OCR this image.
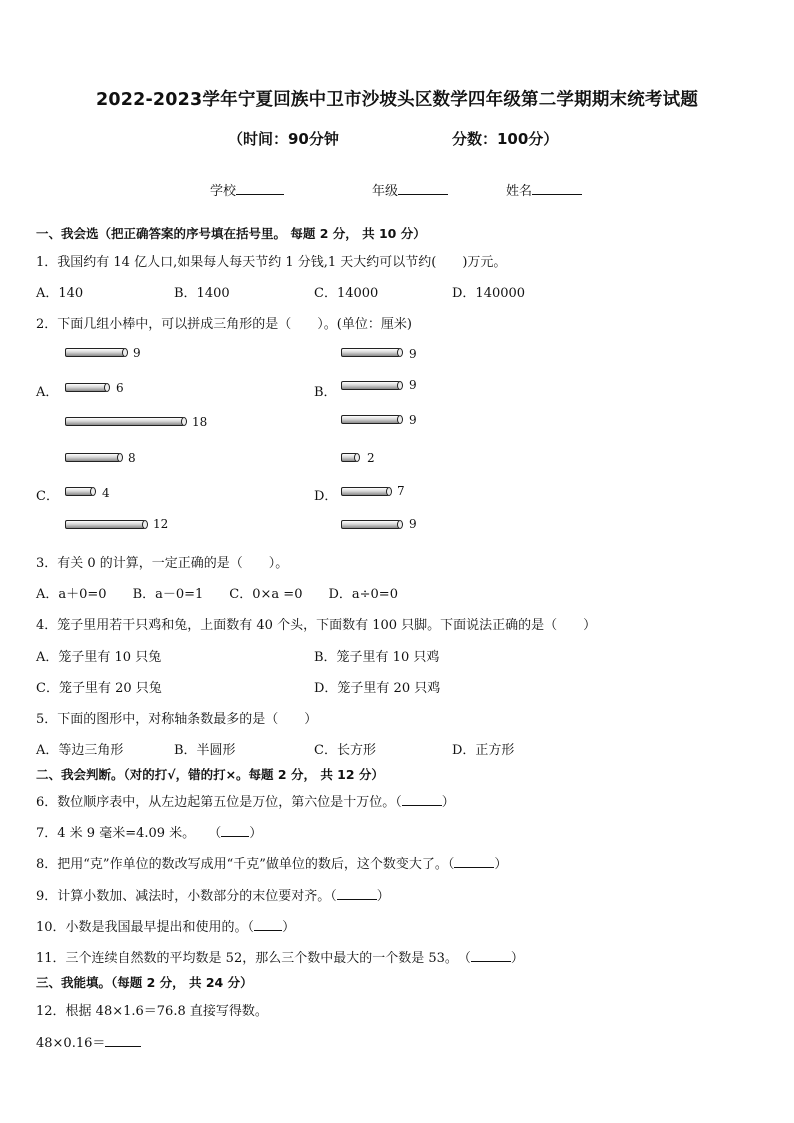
2022-2023学年宁夏回族中卫市沙坡头区数学四年级第二学期期末统考试题
（时间：90分钟	分数：100分）
学校	年级	姓名
一、我会选（把正确答案的序号填在括号里。 每题 2 分， 共 10 分）
1．我国约有 14 亿人口,如果每人每天节约 1 分钱,1 天大约可以节约(　　)万元。
A．140	B．1400	C．14000	D．140000
2．下面几组小棒中，可以拼成三角形的是（　　）。(单位：厘米)
A．
9
6
18
B．
9
9
9
C．
8
4
12
D．
2
7
9
3．有关 0 的计算，一定正确的是（　　）。
A．a＋0=0　　B．a－0=1　　C．0×a =0　　D．a÷0=0
4．笼子里用若干只鸡和兔，上面数有 40 个头，下面数有 100 只脚。下面说法正确的是（　　）
A．笼子里有 10 只兔	B．笼子里有 10 只鸡
C．笼子里有 20 只兔	D．笼子里有 20 只鸡
5．下面的图形中，对称轴条数最多的是（　　）
A．等边三角形	B．半圆形	C．长方形	D．正方形
二、我会判断。（对的打√，错的打×。每题 2 分， 共 12 分）
6．数位顺序表中，从左边起第五位是万位，第六位是十万位。（	）
7．4 米 9 毫米=4.09 米。　　（ ）
8．把用“克”作单位的数改写成用“千克”做单位的数后，这个数变大了。（	）
9．计算小数加、减法时，小数部分的末位要对齐。（	）
10．小数是我国最早提出和使用的。（ ）
11．三个连续自然数的平均数是 52，那么三个数中最大的一个数是 53。　（	）
三、我能填。（每题 2 分， 共 24 分）
12．根据 48×1.6＝76.8 直接写得数。
48×0.16＝
